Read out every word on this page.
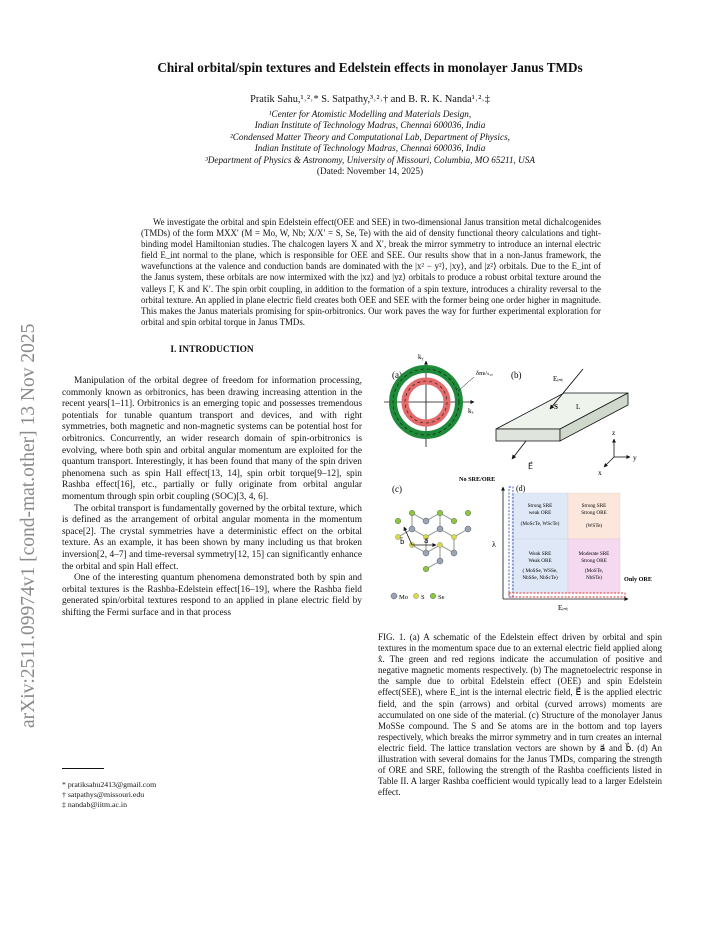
arXiv:2511.09974v1 [cond-mat.other] 13 Nov 2025
Chiral orbital/spin textures and Edelstein effects in monolayer Janus TMDs
Pratik Sahu,¹˒²˒* S. Satpathy,³˒²˒† and B. R. K. Nanda¹˒²˒‡
¹Center for Atomistic Modelling and Materials Design,
Indian Institute of Technology Madras, Chennai 600036, India
²Condensed Matter Theory and Computational Lab, Department of Physics,
Indian Institute of Technology Madras, Chennai 600036, India
³Department of Physics & Astronomy, University of Missouri, Columbia, MO 65211, USA
(Dated: November 14, 2025)
We investigate the orbital and spin Edelstein effect(OEE and SEE) in two-dimensional Janus transition metal dichalcogenides (TMDs) of the form MXX′ (M = Mo, W, Nb; X/X′ = S, Se, Te) with the aid of density functional theory calculations and tight-binding model Hamiltonian studies. The chalcogen layers X and X′, break the mirror symmetry to introduce an internal electric field E_int normal to the plane, which is responsible for OEE and SEE. Our results show that in a non-Janus framework, the wavefunctions at the valence and conduction bands are dominated with the |x² − y²⟩, |xy⟩, and |z²⟩ orbitals. Due to the E_int of the Janus system, these orbitals are now intermixed with the |xz⟩ and |yz⟩ orbitals to produce a robust orbital texture around the valleys Γ, K and K′. The spin orbit coupling, in addition to the formation of a spin texture, introduces a chirality reversal to the orbital texture. An applied in plane electric field creates both OEE and SEE with the former being one order higher in magnitude. This makes the Janus materials promising for spin-orbitronics. Our work paves the way for further experimental exploration for orbital and spin orbital torque in Janus TMDs.
I. INTRODUCTION

Manipulation of the orbital degree of freedom for information processing, commonly known as orbitronics, has been drawing increasing attention in the recent years[1–11]. Orbitronics is an emerging topic and possesses tremendous potentials for tunable quantum transport and devices, and with right symmetries, both magnetic and non-magnetic systems can be potential host for orbitronics. Concurrently, an wider research domain of spin-orbitronics is evolving, where both spin and orbital angular momentum are exploited for the quantum transport. Interestingly, it has been found that many of the spin driven phenomena such as spin Hall effect[13, 14], spin orbit torque[9–12], spin Rashba effect[16], etc., partially or fully originate from orbital angular momentum through spin orbit coupling (SOC)[3, 4, 6].

The orbital transport is fundamentally governed by the orbital texture, which is defined as the arrangement of orbital angular momenta in the momentum space[2]. The crystal symmetries have a deterministic effect on the orbital texture. As an example, it has been shown by many including us that broken inversion[2, 4–7] and time-reversal symmetry[12, 15] can significantly enhance the orbital and spin Hall effect.

One of the interesting quantum phenomena demonstrated both by spin and orbital textures is the Rashba-Edelstein effect[16–19], where the Rashba field generated spin/orbital textures respond to an applied in plane electric field by shifting the Fermi surface and in that process

* pratiksahu2413@gmail.com
† satpathys@missouri.edu
‡ nandab@iitm.ac.in
(a)
kᵧ
kₓ
δmₗ/ₛ,ₓ (b)	Eᵢₙₜ
S	L
E⃗
z
y
x
(c)
a⃗
b⃗
Mo S Se
No SRE/ORE
(d)
λ
Eᵢₙₜ
Only ORE
Strong SRE
weak ORE
(MoScTe, WScTe)
Strong SRE
Strong ORE
(WSTe)
Weak SRE
Weak ORE
( MoSSe, WSSe,
NbSSe, NbScTe)
Moderate SRE
Strong ORE
(MoSTe,
NbSTe)
FIG. 1. (a) A schematic of the Edelstein effect driven by orbital and spin textures in the momentum space due to an external electric field applied along x̂. The green and red regions indicate the accumulation of positive and negative magnetic moments respectively. (b) The magnetoelectric response in the sample due to orbital Edelstein effect (OEE) and spin Edelstein effect(SEE), where E_int is the internal electric field, E⃗ is the applied electric field, and the spin (arrows) and orbital (curved arrows) moments are accumulated on one side of the material. (c) Structure of the monolayer Janus MoSSe compound. The S and Se atoms are in the bottom and top layers respectively, which breaks the mirror symmetry and in turn creates an internal electric field. The lattice translation vectors are shown by a⃗ and b⃗. (d) An illustration with several domains for the Janus TMDs, comparing the strength of ORE and SRE, following the strength of the Rashba coefficients listed in Table II. A larger Rashba coefficient would typically lead to a larger Edelstein effect.
